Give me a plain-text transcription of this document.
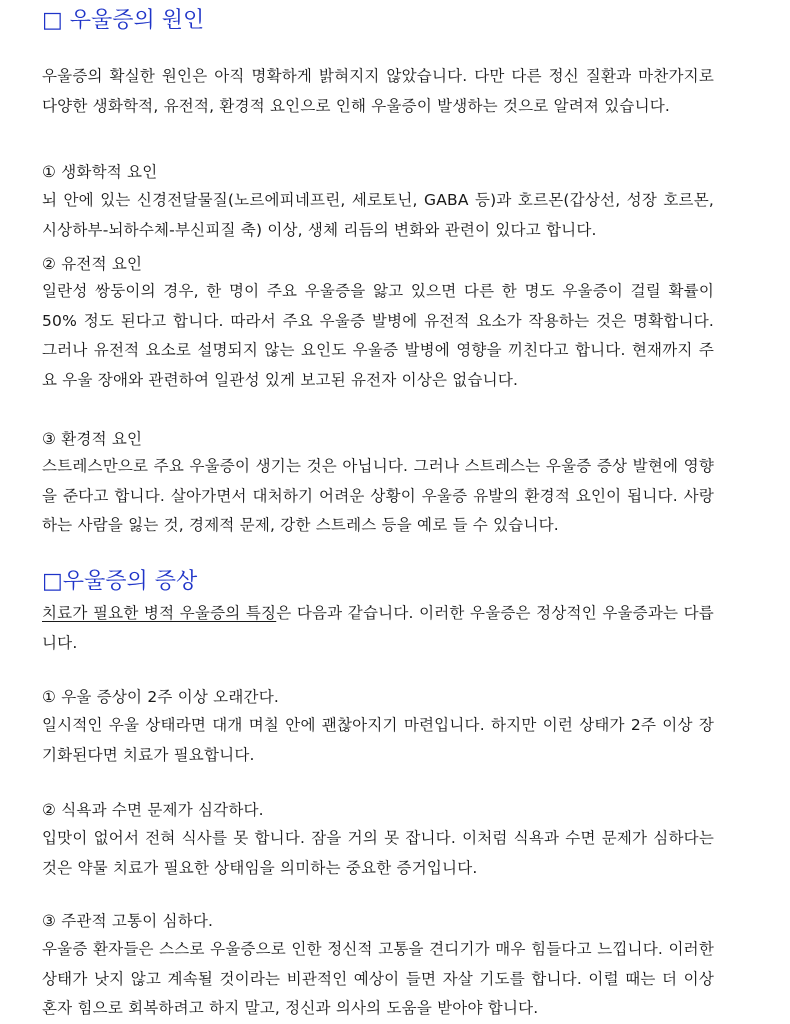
□ 우울증의 원인

우울증의 확실한 원인은 아직 명확하게 밝혀지지 않았습니다. 다만 다른 정신 질환과 마찬가지로 다양한 생화학적, 유전적, 환경적 요인으로 인해 우울증이 발생하는 것으로 알려져 있습니다.

① 생화학적 요인

뇌 안에 있는 신경전달물질(노르에피네프린, 세로토닌, GABA 등)과 호르몬(갑상선, 성장 호르몬, 시상하부-뇌하수체-부신피질 축) 이상, 생체 리듬의 변화와 관련이 있다고 합니다.

② 유전적 요인

일란성 쌍둥이의 경우, 한 명이 주요 우울증을 앓고 있으면 다른 한 명도 우울증이 걸릴 확률이 50% 정도 된다고 합니다. 따라서 주요 우울증 발병에 유전적 요소가 작용하는 것은 명확합니다. 그러나 유전적 요소로 설명되지 않는 요인도 우울증 발병에 영향을 끼친다고 합니다. 현재까지 주요 우울 장애와 관련하여 일관성 있게 보고된 유전자 이상은 없습니다.

③ 환경적 요인

스트레스만으로 주요 우울증이 생기는 것은 아닙니다. 그러나 스트레스는 우울증 증상 발현에 영향을 준다고 합니다. 살아가면서 대처하기 어려운 상황이 우울증 유발의 환경적 요인이 됩니다. 사랑하는 사람을 잃는 것, 경제적 문제, 강한 스트레스 등을 예로 들 수 있습니다.

□우울증의 증상

치료가 필요한 병적 우울증의 특징은 다음과 같습니다. 이러한 우울증은 정상적인 우울증과는 다릅니다.

① 우울 증상이 2주 이상 오래간다.

일시적인 우울 상태라면 대개 며칠 안에 괜찮아지기 마련입니다. 하지만 이런 상태가 2주 이상 장기화된다면 치료가 필요합니다.

② 식욕과 수면 문제가 심각하다.

입맛이 없어서 전혀 식사를 못 합니다. 잠을 거의 못 잡니다. 이처럼 식욕과 수면 문제가 심하다는 것은 약물 치료가 필요한 상태임을 의미하는 중요한 증거입니다.

③ 주관적 고통이 심하다.

우울증 환자들은 스스로 우울증으로 인한 정신적 고통을 견디기가 매우 힘들다고 느낍니다. 이러한 상태가 낫지 않고 계속될 것이라는 비관적인 예상이 들면 자살 기도를 합니다. 이럴 때는 더 이상 혼자 힘으로 회복하려고 하지 말고, 정신과 의사의 도움을 받아야 합니다.
